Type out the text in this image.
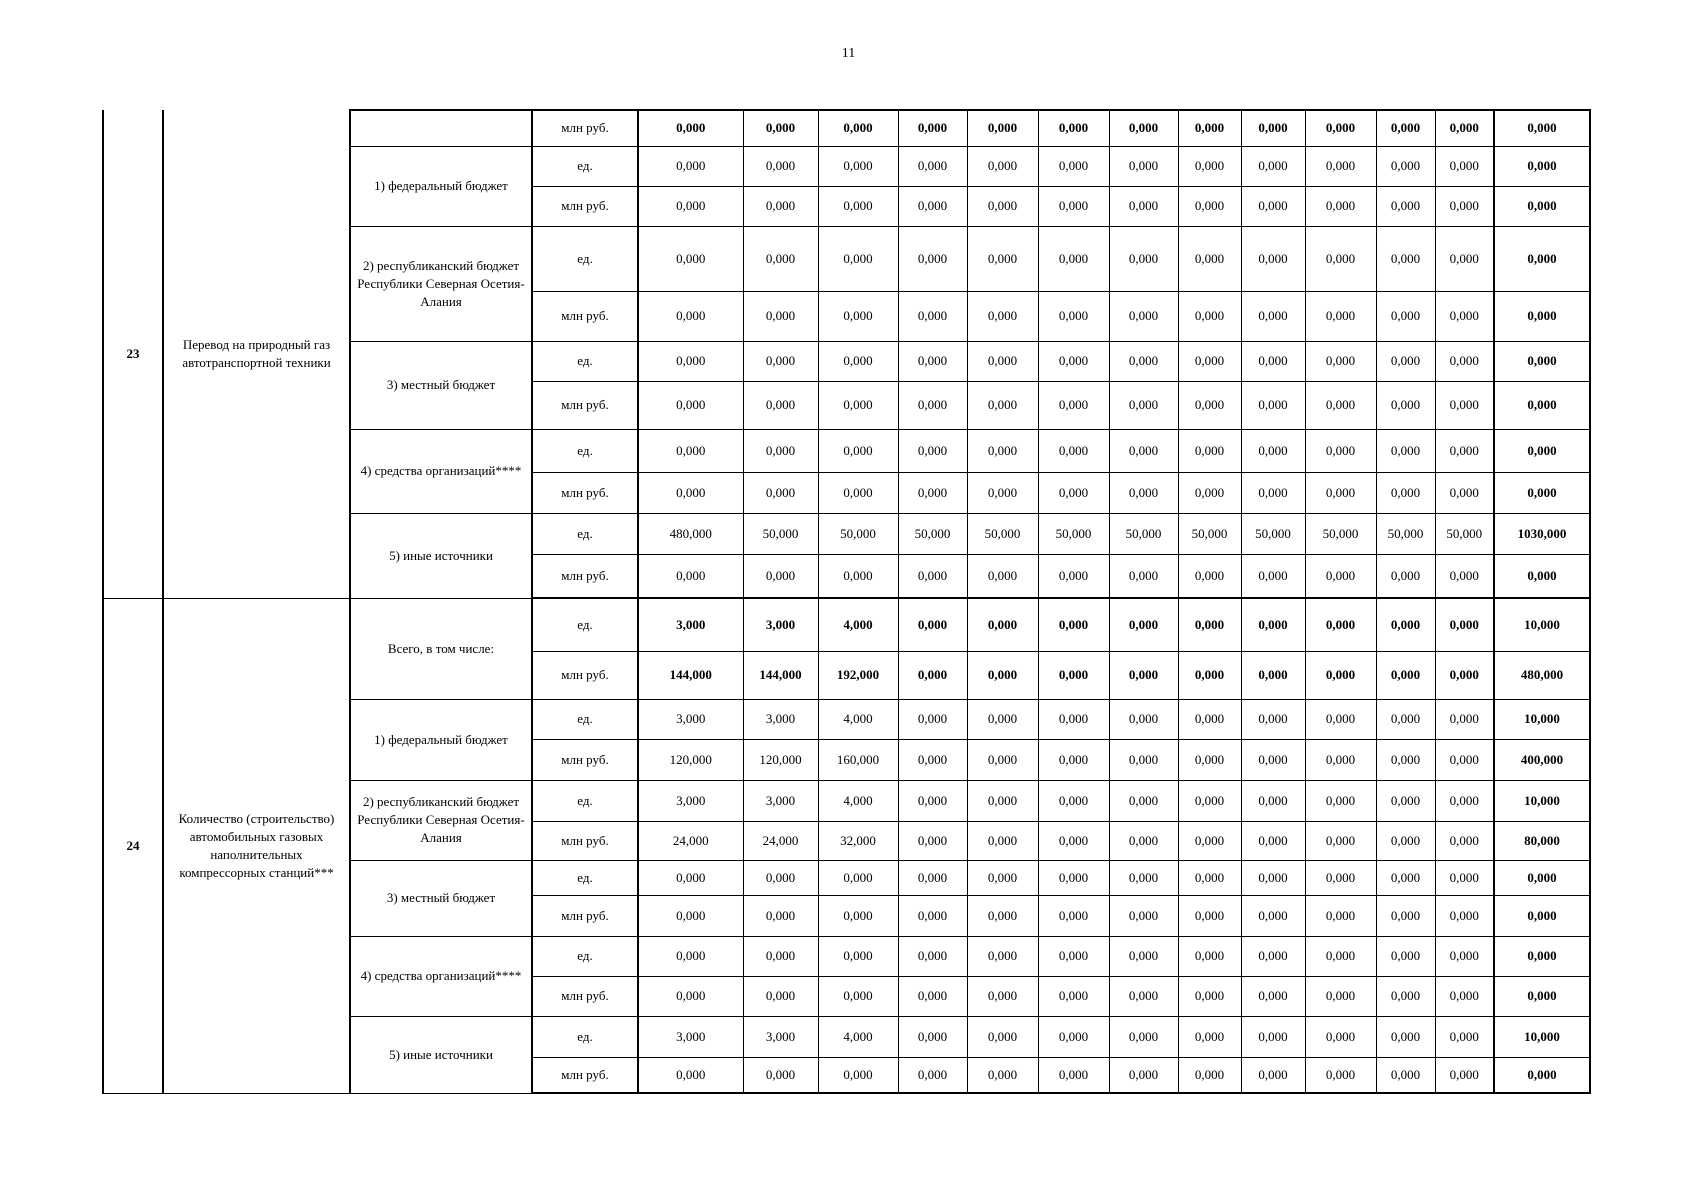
11
23	Перевод на природный газ автотранспортной техники		млн руб.	0,000	0,000	0,000	0,000	0,000	0,000	0,000	0,000	0,000	0,000	0,000	0,000	0,000
		1) федеральный бюджет	ед.	0,000	0,000	0,000	0,000	0,000	0,000	0,000	0,000	0,000	0,000	0,000	0,000	0,000
			млн руб.	0,000	0,000	0,000	0,000	0,000	0,000	0,000	0,000	0,000	0,000	0,000	0,000	0,000
		2) республиканский бюджет Республики Северная Осетия-Алания	ед.	0,000	0,000	0,000	0,000	0,000	0,000	0,000	0,000	0,000	0,000	0,000	0,000	0,000
			млн руб.	0,000	0,000	0,000	0,000	0,000	0,000	0,000	0,000	0,000	0,000	0,000	0,000	0,000
		3) местный бюджет	ед.	0,000	0,000	0,000	0,000	0,000	0,000	0,000	0,000	0,000	0,000	0,000	0,000	0,000
			млн руб.	0,000	0,000	0,000	0,000	0,000	0,000	0,000	0,000	0,000	0,000	0,000	0,000	0,000
		4) средства организаций****	ед.	0,000	0,000	0,000	0,000	0,000	0,000	0,000	0,000	0,000	0,000	0,000	0,000	0,000
			млн руб.	0,000	0,000	0,000	0,000	0,000	0,000	0,000	0,000	0,000	0,000	0,000	0,000	0,000
		5) иные источники	ед.	480,000	50,000	50,000	50,000	50,000	50,000	50,000	50,000	50,000	50,000	50,000	50,000	1030,000
			млн руб.	0,000	0,000	0,000	0,000	0,000	0,000	0,000	0,000	0,000	0,000	0,000	0,000	0,000
24	Количество (строительство) автомобильных газовых наполнительных компрессорных станций***	Всего, в том числе:	ед.	3,000	3,000	4,000	0,000	0,000	0,000	0,000	0,000	0,000	0,000	0,000	0,000	10,000
			млн руб.	144,000	144,000	192,000	0,000	0,000	0,000	0,000	0,000	0,000	0,000	0,000	0,000	480,000
		1) федеральный бюджет	ед.	3,000	3,000	4,000	0,000	0,000	0,000	0,000	0,000	0,000	0,000	0,000	0,000	10,000
			млн руб.	120,000	120,000	160,000	0,000	0,000	0,000	0,000	0,000	0,000	0,000	0,000	0,000	400,000
		2) республиканский бюджет Республики Северная Осетия-Алания	ед.	3,000	3,000	4,000	0,000	0,000	0,000	0,000	0,000	0,000	0,000	0,000	0,000	10,000
			млн руб.	24,000	24,000	32,000	0,000	0,000	0,000	0,000	0,000	0,000	0,000	0,000	0,000	80,000
		3) местный бюджет	ед.	0,000	0,000	0,000	0,000	0,000	0,000	0,000	0,000	0,000	0,000	0,000	0,000	0,000
			млн руб.	0,000	0,000	0,000	0,000	0,000	0,000	0,000	0,000	0,000	0,000	0,000	0,000	0,000
		4) средства организаций****	ед.	0,000	0,000	0,000	0,000	0,000	0,000	0,000	0,000	0,000	0,000	0,000	0,000	0,000
			млн руб.	0,000	0,000	0,000	0,000	0,000	0,000	0,000	0,000	0,000	0,000	0,000	0,000	0,000
		5) иные источники	ед.	3,000	3,000	4,000	0,000	0,000	0,000	0,000	0,000	0,000	0,000	0,000	0,000	10,000
			млн руб.	0,000	0,000	0,000	0,000	0,000	0,000	0,000	0,000	0,000	0,000	0,000	0,000	0,000
